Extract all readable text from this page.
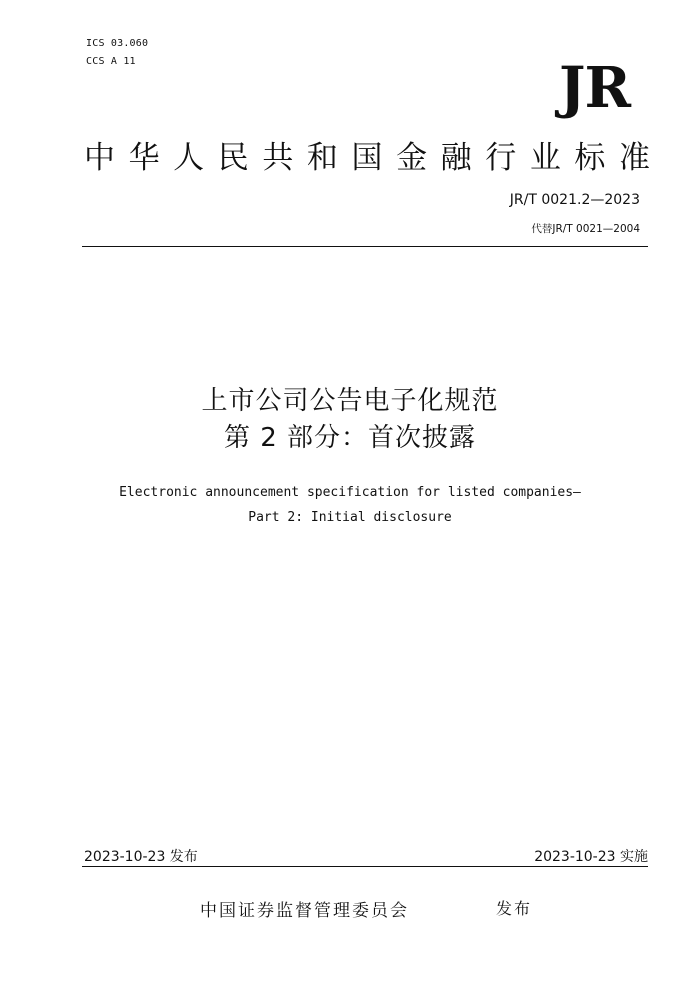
ICS 03.060
CCS A 11	JR
中华人民共和国金融行业标准
JR/T 0021.2—2023
代替JR/T 0021—2004
上市公司公告电子化规范
第 2 部分：首次披露
Electronic announcement specification for listed companies—
Part 2: Initial disclosure
2023-10-23 发布	2023-10-23 实施
中国证券监督管理委员会	发布
